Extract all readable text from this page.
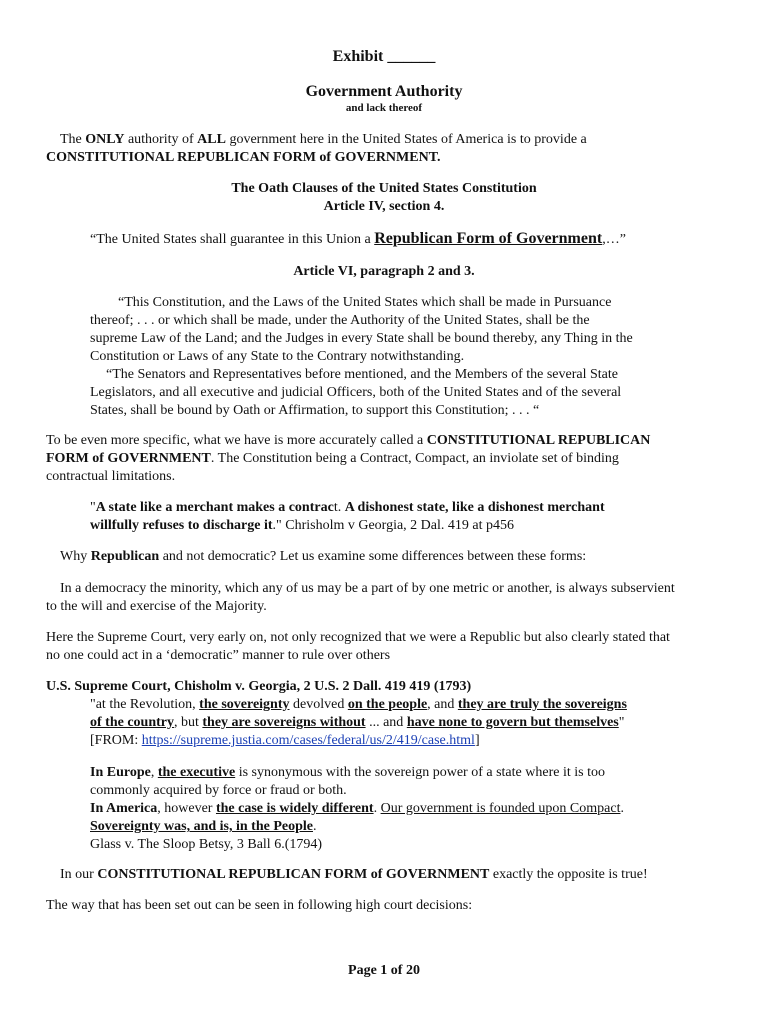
Exhibit ______
Government Authority
and lack thereof
The ONLY authority of ALL government here in the United States of America is to provide a
CONSTITUTIONAL REPUBLICAN FORM of GOVERNMENT.
The Oath Clauses of the United States Constitution
Article IV, section 4.
“The United States shall guarantee in this Union a Republican Form of Government,…”
Article VI, paragraph 2 and 3.
“This Constitution, and the Laws of the United States which shall be made in Pursuance
thereof; . . . or which shall be made, under the Authority of the United States, shall be the
supreme Law of the Land; and the Judges in every State shall be bound thereby, any Thing in the
Constitution or Laws of any State to the Contrary notwithstanding.
“The Senators and Representatives before mentioned, and the Members of the several State
Legislators, and all executive and judicial Officers, both of the United States and of the several
States, shall be bound by Oath or Affirmation, to support this Constitution; . . . “
To be even more specific, what we have is more accurately called a CONSTITUTIONAL REPUBLICAN
FORM of GOVERNMENT. The Constitution being a Contract, Compact, an inviolate set of binding
contractual limitations.
"A state like a merchant makes a contract. A dishonest state, like a dishonest merchant
willfully refuses to discharge it." Chrisholm v Georgia, 2 Dal. 419 at p456
Why Republican and not democratic? Let us examine some differences between these forms:
In a democracy the minority, which any of us may be a part of by one metric or another, is always subservient
to the will and exercise of the Majority.
Here the Supreme Court, very early on, not only recognized that we were a Republic but also clearly stated that
no one could act in a ‘democratic” manner to rule over others
U.S. Supreme Court, Chisholm v. Georgia, 2 U.S. 2 Dall. 419 419 (1793)
"at the Revolution, the sovereignty devolved on the people, and they are truly the sovereigns
of the country, but they are sovereigns without ... and have none to govern but themselves"
[FROM: https://supreme.justia.com/cases/federal/us/2/419/case.html]
In Europe, the executive is synonymous with the sovereign power of a state where it is too
commonly acquired by force or fraud or both.
In America, however the case is widely different. Our government is founded upon Compact.
Sovereignty was, and is, in the People.
Glass v. The Sloop Betsy, 3 Ball 6.(1794)
In our CONSTITUTIONAL REPUBLICAN FORM of GOVERNMENT exactly the opposite is true!
The way that has been set out can be seen in following high court decisions:
Page 1 of 20
